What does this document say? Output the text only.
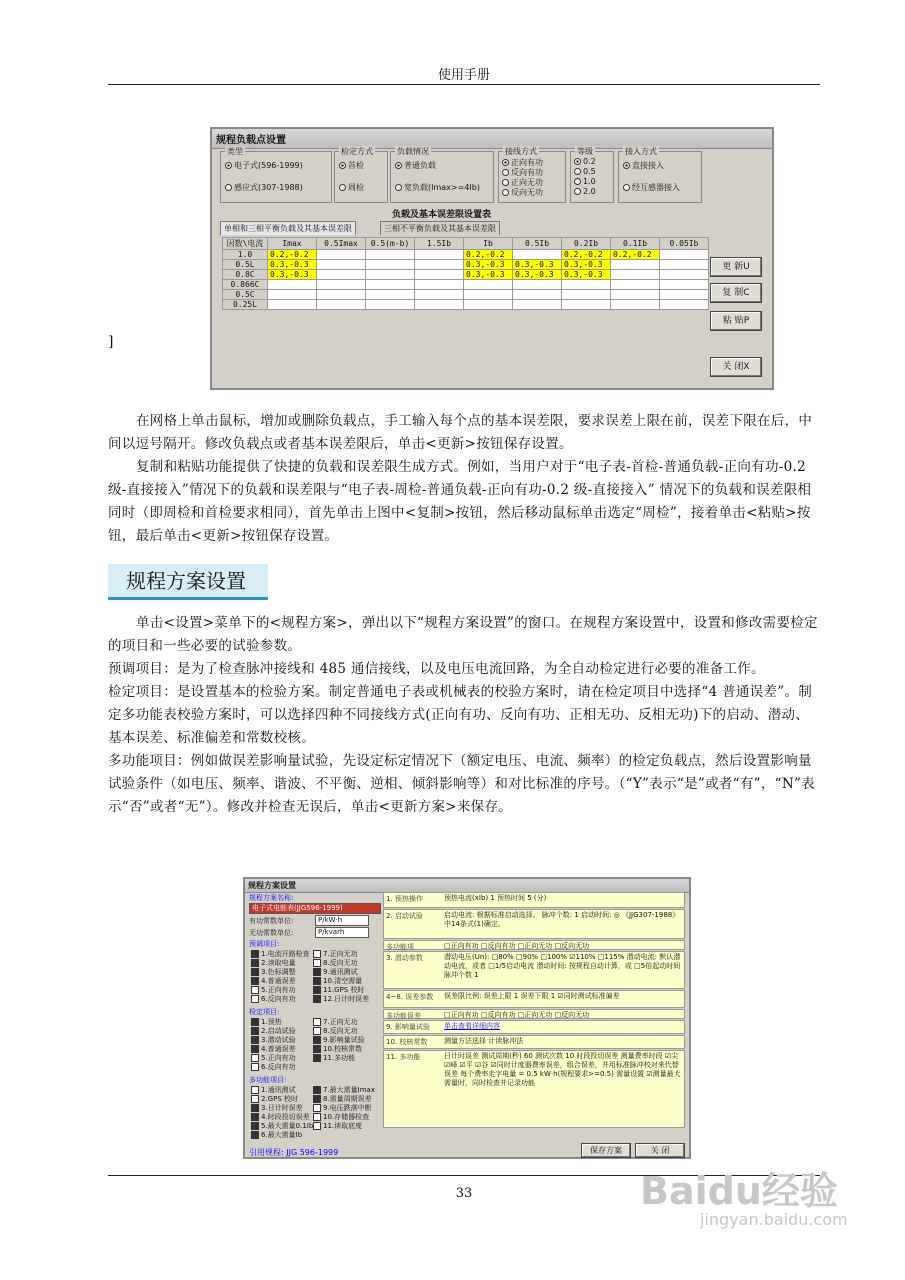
使用手册
规程负载点设置
类型
电子式(596-1999)
感应式(307-1988)
检定方式
首检
周检
负载情况
普通负载
宽负载(Imax>=4Ib)
接线方式
正向有功
反向有功
正向无功
反向无功
等级
0.2
0.5
1.0
2.0
接入方式
直接接入
经互感器接入
负载及基本误差限设置表
单相和三相平衡负载及其基本误差限	三相不平衡负载及其基本误差限
因数\电流	Imax	0.5Imax	0.5(m-b)	1.5Ib	Ib	0.5Ib	0.2Ib	0.1Ib	0.05Ib
1.0	0.2,-0.2				0.2,-0.2		0.2,-0.2	0.2,-0.2	
0.5L	0.3,-0.3				0.3,-0.3	0.3,-0.3	0.3,-0.3		
0.8C	0.3,-0.3				0.3,-0.3	0.3,-0.3	0.3,-0.3		
0.866C									
0.5C									
0.25L									
更 新U
复 制C
粘 贴P
关 闭X
]
在网格上单击鼠标，增加或删除负载点，手工输入每个点的基本误差限，要求误差上限在前，误差下限在后，中间以逗号隔开。修改负载点或者基本误差限后，单击<更新>按钮保存设置。
复制和粘贴功能提供了快捷的负载和误差限生成方式。例如，当用户对于“电子表-首检-普通负载-正向有功-0.2 级-直接接入”情况下的负载和误差限与“电子表-周检-普通负载-正向有功-0.2 级-直接接入” 情况下的负载和误差限相同时（即周检和首检要求相同），首先单击上图中<复制>按钮，然后移动鼠标单击选定“周检”，接着单击<粘贴>按钮，最后单击<更新>按钮保存设置。
规程方案设置
单击<设置>菜单下的<规程方案>，弹出以下“规程方案设置”的窗口。在规程方案设置中，设置和修改需要检定的项目和一些必要的试验参数。
预调项目：是为了检查脉冲接线和 485 通信接线，以及电压电流回路，为全自动检定进行必要的准备工作。
检定项目：是设置基本的检验方案。制定普通电子表或机械表的校验方案时，请在检定项目中选择“4 普通误差”。制定多功能表校验方案时，可以选择四种不同接线方式(正向有功、反向有功、正相无功、反相无功)下的启动、潜动、基本误差、标准偏差和常数校核。
多功能项目：例如做误差影响量试验，先设定标定情况下（额定电压、电流、频率）的检定负载点，然后设置影响量试验条件（如电压、频率、谐波、不平衡、逆相、倾斜影响等）和对比标准的序号。（“Y”表示“是”或者“有”，“N”表示“否”或者“无”）。修改并检查无误后，单击<更新方案>来保存。
规程方案设置
规程方案名称:
电子式电能表(JJG596-1999)
有功常数单位:	P/kW·h
无功常数单位:	P/kvarh
预调项目:
1.电流开路检查	7.正向无功
2.读取电量	8.反向无功
3.色标调整	9.通讯测试
4.普通误差	10.清空需量
5.正向有功	11.GPS 校时
6.反向有功	12.日计时误差
检定项目:
1.预热	7.正向无功
2.启动试验	8.反向无功
3.潜动试验	9.影响量试验
4.普通误差	10.校核常数
5.正向有功	11.多功能
6.反向有功
多功能项目:
1.通讯测试	7.最大需量Imax
2.GPS 校时	8.需量周期误差
3.日计时误差	9.电压跌落中断
4.时段投切误差	10.存储器检查
5.最大需量0.1Ib	11.读取底度
6.最大需量Ib
引用规程: JJG 596-1999
1. 预热操作	预热电流(xIb) 1 预热时间 5 (分)
2. 启动试验	启动电流: 根据标准启动选择。 脉冲个数: 1 启动时间: ◎ 《JJG307-1988》中14条式(1)确定。
多功能项	□正向有功 □反向有功 □正向无功 □反向无功
3. 潜动参数	潜动电压(Un): □80% □90% □100% ☑110% □115% 潜动电流: 默认潜动电流，或者 □1/5启动电流 潜动时间: 按规程自动计算，或 □5倍起动时间 脉冲个数 1
4~8. 误差参数	误差限比例: 误差上限 1 误差下限 1 ☑同时测试标准偏差
多功能误差	□正向有功 □反向有功 □正向无功 □反向无功
9. 影响量试验	单击查看详细内容
10. 校核常数	测量方法选择 计读脉冲法
11. 多功能	日计时误差 测试周期(秒) 60 测试次数 10 时段投切误差 测量费率时段 ☑尖 ☑峰 ☑平 ☑谷 ☑同时计度器费率误差，组合误差，并用标准脉冲校对来代替误差 每个费率走字电量 = 0.5 kW·h(规程要求>=0.5) 需量设置 ☑测量最大需量时，同时检查并记录功能
保存方案	关 闭
33	Baidu经验
jingyan.baidu.com
